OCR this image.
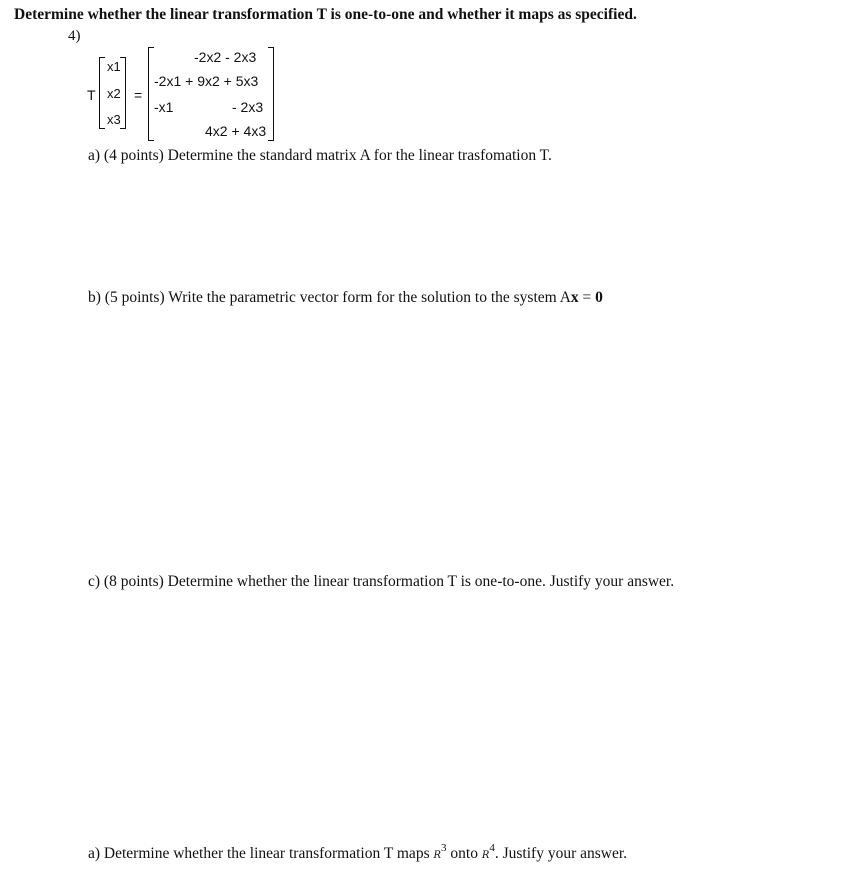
Determine whether the linear transformation T is one-to-one and whether it maps as specified.
4)
T
x1
x2
x3
=
-2x2 - 2x3
-2x1 + 9x2 + 5x3
-x1	- 2x3
4x2 + 4x3
a) (4 points) Determine the standard matrix A for the linear trasfomation T.
b) (5 points) Write the parametric vector form for the solution to the system Ax = 0
c) (8 points) Determine whether the linear transformation T is one-to-one. Justify your answer.
a) Determine whether the linear transformation T maps $R^3$ onto $R^4$. Justify your answer.
